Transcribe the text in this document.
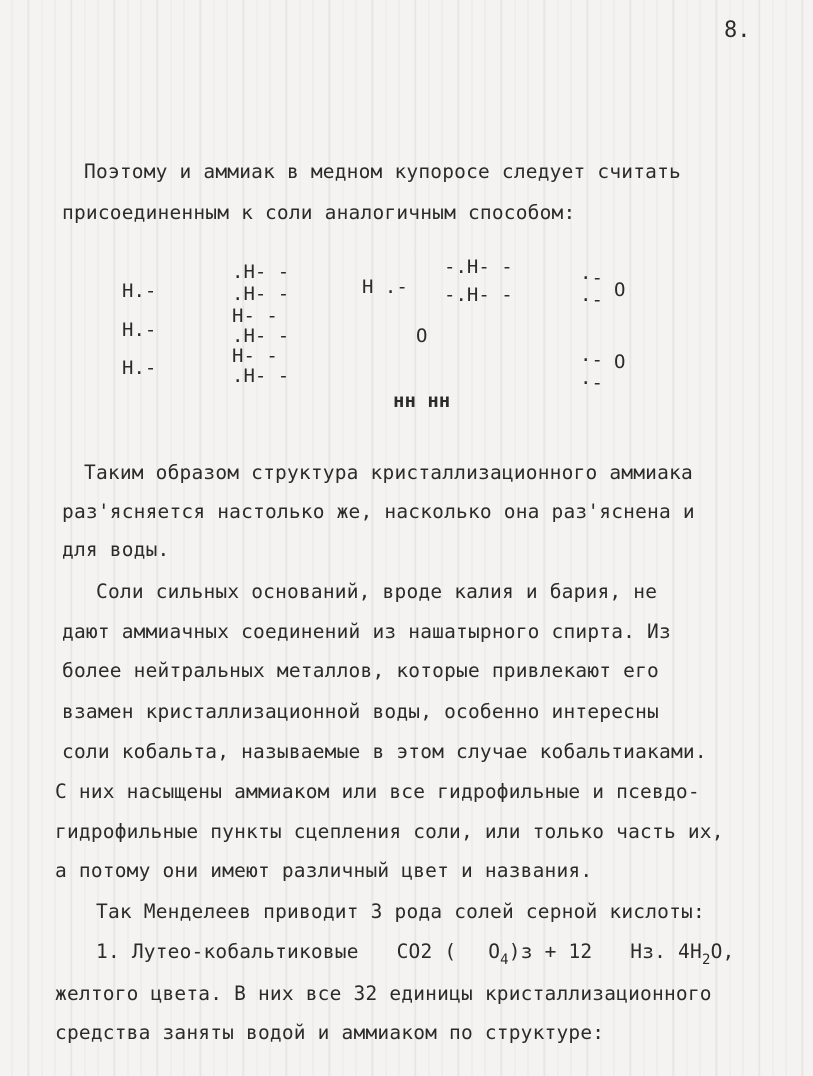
8.
Поэтому и аммиак в медном купоросе следует считать
присоединенным к соли аналогичным способом:
H.-
H.-
H.-
.H- -
.H- -
H- -
.H- -
H- -
.H- -
H .-
O
-.H- -
-.H- -
·-
·-
·-
·-
O
O
нн нн
Таким образом структура кристаллизационного аммиака
раз'ясняется настолько же, насколько она раз'яснена и
для воды.
Соли сильных оснований, вроде калия и бария, не
дают аммиачных соединений из нашатырного спирта. Из
более нейтральных металлов, которые привлекают его
взамен кристаллизационной воды, особенно интересны
соли кобальта, называемые в этом случае кобальтиаками.
С них насыщены аммиаком или все гидрофильные и псевдо-
гидрофильные пункты сцепления соли, или только часть их,
а потому они имеют различный цвет и названия.
Так Менделеев приводит 3 рода солей серной кислоты:
1. Лутео-кобальтиковые CO2 ( $O_4)з + 12$ Hз. $4H_2O$,
желтого цвета. В них все 32 единицы кристаллизационного
средства заняты водой и аммиаком по структуре:
